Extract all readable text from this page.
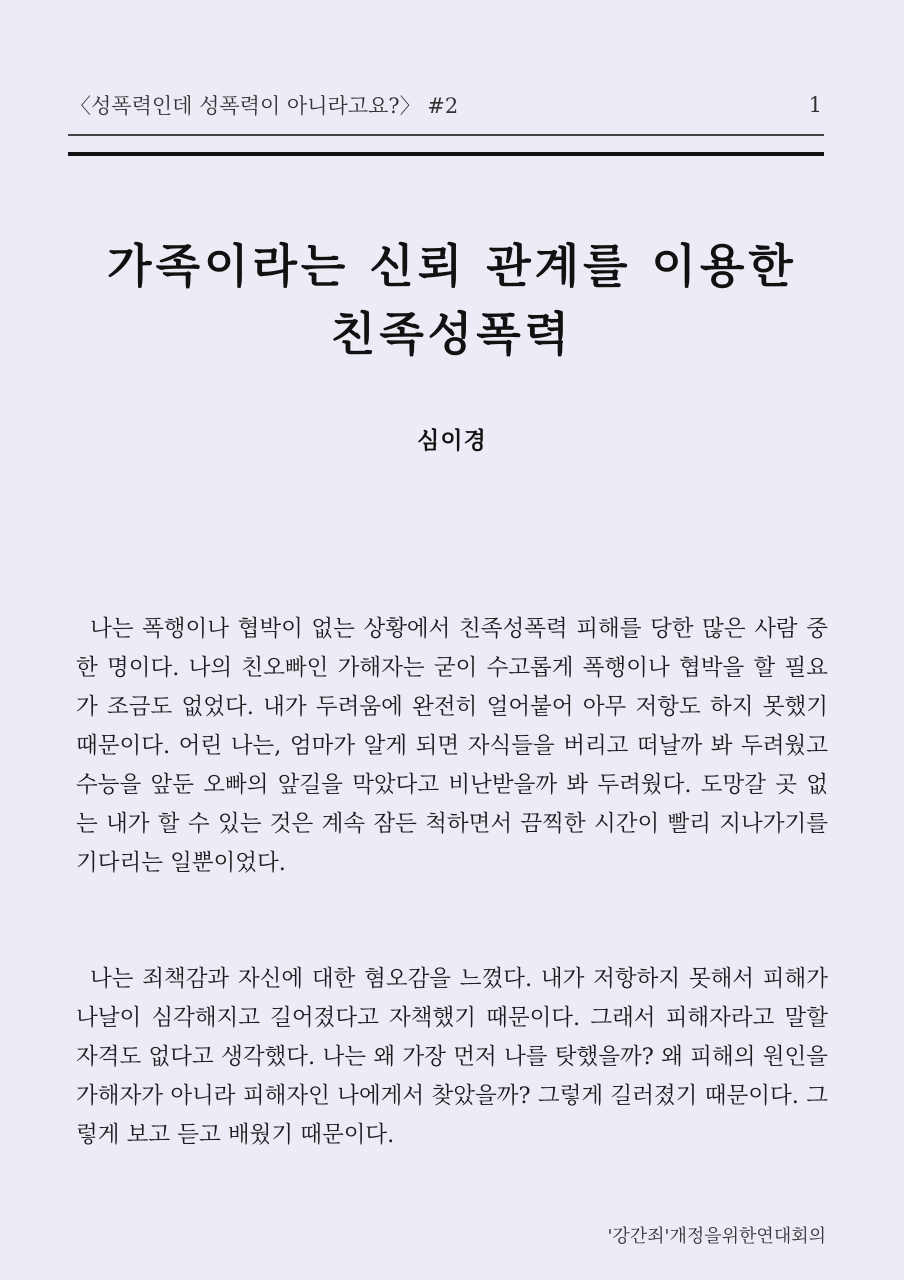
〈성폭력인데 성폭력이 아니라고요?〉 #2	1
가족이라는 신뢰 관계를 이용한
친족성폭력
심이경

나는 폭행이나 협박이 없는 상황에서 친족성폭력 피해를 당한 많은 사람 중 한 명이다. 나의 친오빠인 가해자는 굳이 수고롭게 폭행이나 협박을 할 필요가 조금도 없었다. 내가 두려움에 완전히 얼어붙어 아무 저항도 하지 못했기 때문이다. 어린 나는, 엄마가 알게 되면 자식들을 버리고 떠날까 봐 두려웠고 수능을 앞둔 오빠의 앞길을 막았다고 비난받을까 봐 두려웠다. 도망갈 곳 없는 내가 할 수 있는 것은 계속 잠든 척하면서 끔찍한 시간이 빨리 지나가기를 기다리는 일뿐이었다.

나는 죄책감과 자신에 대한 혐오감을 느꼈다. 내가 저항하지 못해서 피해가 나날이 심각해지고 길어졌다고 자책했기 때문이다. 그래서 피해자라고 말할 자격도 없다고 생각했다. 나는 왜 가장 먼저 나를 탓했을까? 왜 피해의 원인을 가해자가 아니라 피해자인 나에게서 찾았을까? 그렇게 길러졌기 때문이다. 그렇게 보고 듣고 배웠기 때문이다.

'강간죄'개정을위한연대회의
